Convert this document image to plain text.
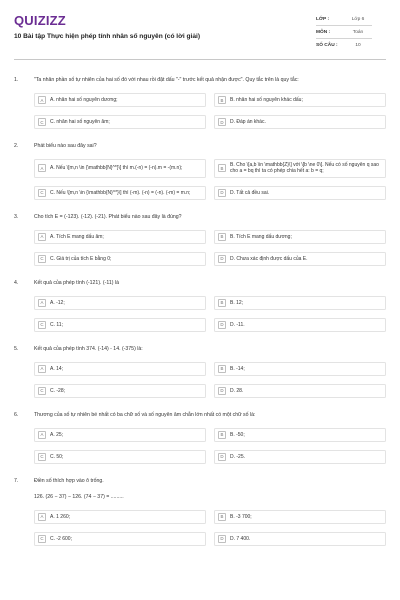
QUIZIZZ
10 Bài tập Thực hiện phép tính nhân số nguyên (có lời giải)
LỚP :	Lớp 6
MÔN :	Toán
SỐ CÂU :	10
1.	"Ta nhân phần số tự nhiên của hai số đó với nhau rồi đặt dấu "-" trước kết quả nhận được". Quy tắc trên là quy tắc:
A	A. nhân hai số nguyên dương;	B	B. nhân hai số nguyên khác dấu;
C	C. nhân hai số nguyên âm;	D	D. Đáp án khác.
2.	Phát biểu nào sau đây sai?
A	A. Nếu \[m,n \in {\mathbb{N}^*}\] thì m.(-n) = (-n).m = -(m.n);	B
B. Cho \[a,b \in \mathbb{Z}\] với \[b \ne 0\]. Nếu có số nguyên q sao cho a = bq thì ta có phép chia hết a: b = q;
C	C. Nếu \[m,n \in {\mathbb{N}^*}\] thì (-m). (-n) = (-n). (-m) = m.n;	D	D. Tất cả đều sai.
3.	Cho tích E = (-123). (-12). (-21). Phát biểu nào sau đây là đúng?
A	A. Tích E mang dấu âm;	B	B. Tích E mang dấu dương;
C	C. Giá trị của tích E bằng 0;	D	D. Chưa xác định được dấu của E.
4.	Kết quả của phép tính (-121). (-11) là
A	A. -12;	B	B. 12;
C	C. 11;	D	D. -11.
5.	Kết quả của phép tính 374. (-14) - 14. (-375) là:
A	A. 14;	B	B. -14;
C	C. -28;	D	D. 28.
6.	Thương của số tự nhiên bé nhất có ba chữ số và số nguyên âm chẵn lớn nhất có một chữ số là:
A	A. 25;	B	B. -50;
C	C. 50;	D	D. -25.
7.	Điền số thích hợp vào ô trống.
126. (26 − 37) − 126. (74 − 37) = .........
A	A. 1 260;	B	B. -3 700;
C	C. -2 600;	D	D. 7 400.
